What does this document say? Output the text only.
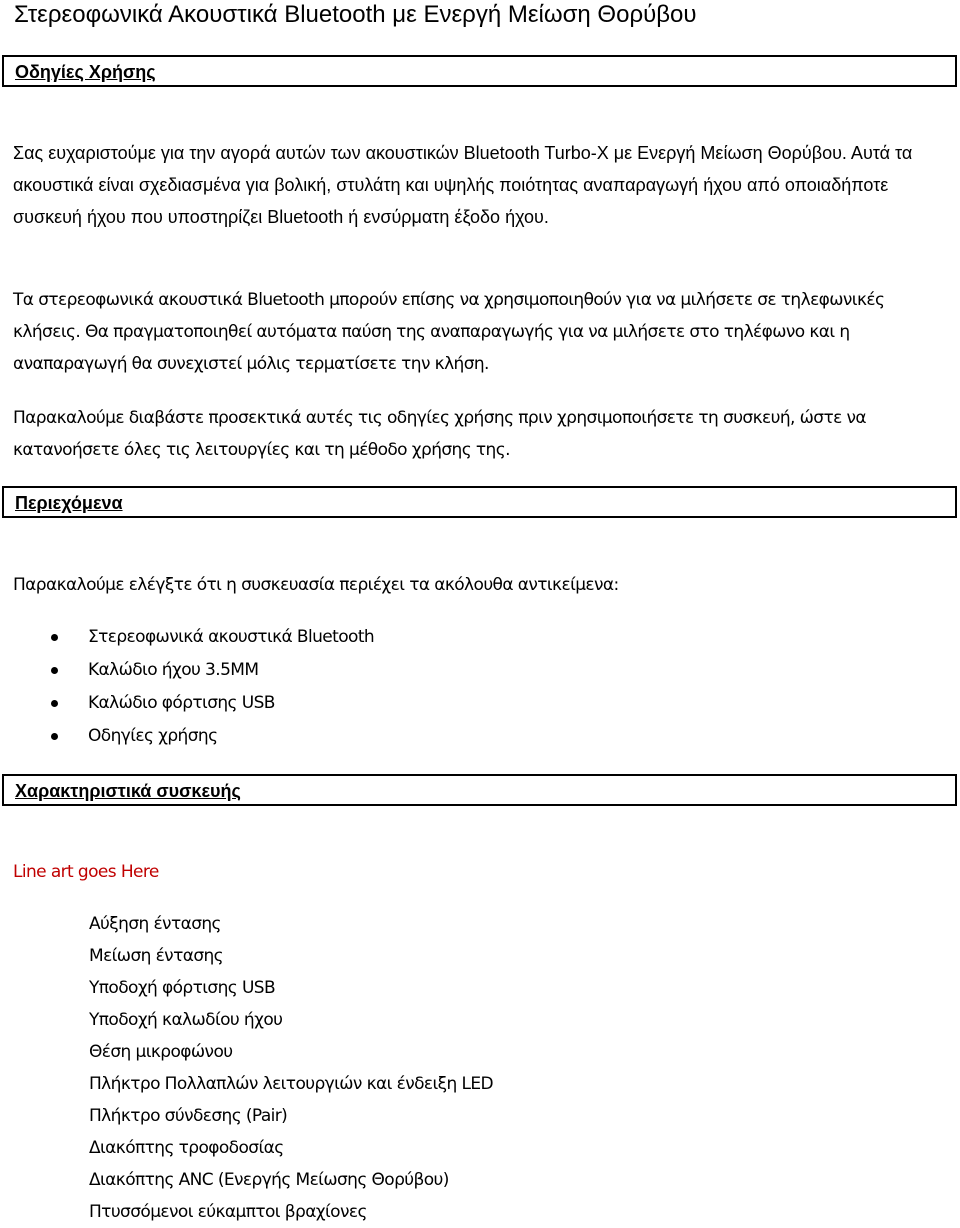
Στερεοφωνικά Ακουστικά Bluetooth με Ενεργή Μείωση Θορύβου
Οδηγίες Χρήσης
Σας ευχαριστούμε για την αγορά αυτών των ακουστικών Bluetooth Turbo-X με Ενεργή Μείωση Θορύβου. Αυτά τα ακουστικά είναι σχεδιασμένα για βολική, στυλάτη και υψηλής ποιότητας αναπαραγωγή ήχου από οποιαδήποτε συσκευή ήχου που υποστηρίζει Bluetooth ή ενσύρματη έξοδο ήχου.
Τα στερεοφωνικά ακουστικά Bluetooth μπορούν επίσης να χρησιμοποιηθούν για να μιλήσετε σε τηλεφωνικές κλήσεις. Θα πραγματοποιηθεί αυτόματα παύση της αναπαραγωγής για να μιλήσετε στο τηλέφωνο και η αναπαραγωγή θα συνεχιστεί μόλις τερματίσετε την κλήση.
Παρακαλούμε διαβάστε προσεκτικά αυτές τις οδηγίες χρήσης πριν χρησιμοποιήσετε τη συσκευή, ώστε να κατανοήσετε όλες τις λειτουργίες και τη μέθοδο χρήσης της.
Περιεχόμενα
Παρακαλούμε ελέγξτε ότι η συσκευασία περιέχει τα ακόλουθα αντικείμενα:
Στερεοφωνικά ακουστικά Bluetooth
Καλώδιο ήχου 3.5MM
Καλώδιο φόρτισης USB
Οδηγίες χρήσης
Χαρακτηριστικά συσκευής
Line art goes Here
Αύξηση έντασης
Μείωση έντασης
Υποδοχή φόρτισης USB
Υποδοχή καλωδίου ήχου
Θέση μικροφώνου
Πλήκτρο Πολλαπλών λειτουργιών και ένδειξη LED
Πλήκτρο σύνδεσης (Pair)
Διακόπτης τροφοδοσίας
Διακόπτης ANC (Ενεργής Μείωσης Θορύβου)
Πτυσσόμενοι εύκαμπτοι βραχίονες
